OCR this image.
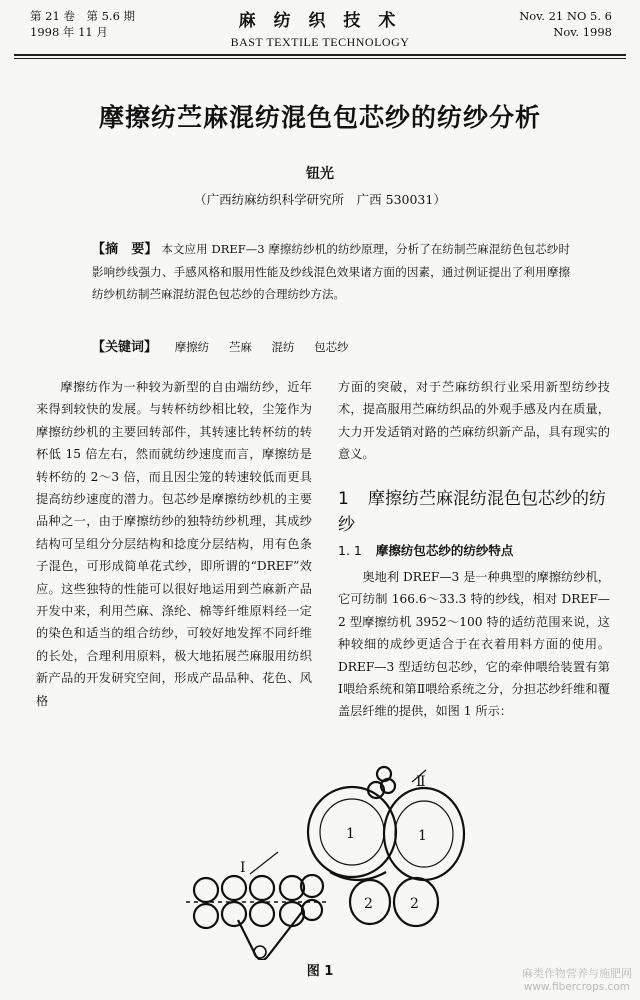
第 21 卷　第 5.6 期
1998 年 11 月
麻 纺 织 技 术
BAST TEXTILE TECHNOLOGY
Nov. 21 NO 5. 6
Nov. 1998
摩擦纺苎麻混纺混色包芯纱的纺纱分析
钮光
（广西纺麻纺织科学研究所　广西 530031）
【摘　要】 本文应用 DREF—3 摩擦纺纱机的纺纱原理，分析了在纺制苎麻混纺色包芯纱时影响纱线强力、手感风格和服用性能及纱线混色效果诸方面的因素，通过例证提出了利用摩擦纺纱机纺制苎麻混纺混色包芯纱的合理纺纱方法。
【关键词】 摩擦纺 苎麻 混纺 包芯纱

摩擦纺作为一种较为新型的自由端纺纱，近年来得到较快的发展。与转杯纺纱相比较，尘笼作为摩擦纺纱机的主要回转部件，其转速比转杯纺的转杯低 15 倍左右，然而就纺纱速度而言，摩擦纺是转杯纺的 2～3 倍，而且因尘笼的转速较低而更具提高纺纱速度的潜力。包芯纱是摩擦纺纱机的主要品种之一，由于摩擦纺纱的独特纺纱机理，其成纱结构可呈组分分层结构和捻度分层结构，用有色条子混色，可形成简单花式纱，即所谓的“DREF”效应。这些独特的性能可以很好地运用到苎麻新产品开发中来，利用苎麻、涤纶、棉等纤维原料经一定的染色和适当的组合纺纱，可较好地发挥不同纤维的长处，合理利用原料，极大地拓展苎麻服用纺织新产品的开发研究空间，形成产品品种、花色、风格

方面的突破，对于苎麻纺织行业采用新型纺纱技术，提高服用苎麻纺织品的外观手感及内在质量，大力开发适销对路的苎麻纺织新产品，具有现实的意义。

1 摩擦纺苎麻混纺混色包芯纱的纺纱
1. 1 摩擦纺包芯纱的纺纱特点

奥地利 DREF—3 是一种典型的摩擦纺纱机，它可纺制 166.6～33.3 特的纱线，相对 DREF—2 型摩擦纺机 3952～100 特的适纺范围来说，这种较细的成纱更适合于在衣着用料方面的使用。DREF—3 型适纺包芯纱，它的牵伸喂给装置有第Ⅰ喂给系统和第Ⅱ喂给系统之分，分担芯纱纤维和覆盖层纤维的提供，如图 1 所示：

I
Ⅱ
1	1
2	2
图 1	麻类作物营养与施肥网
www.fibercrops.com
